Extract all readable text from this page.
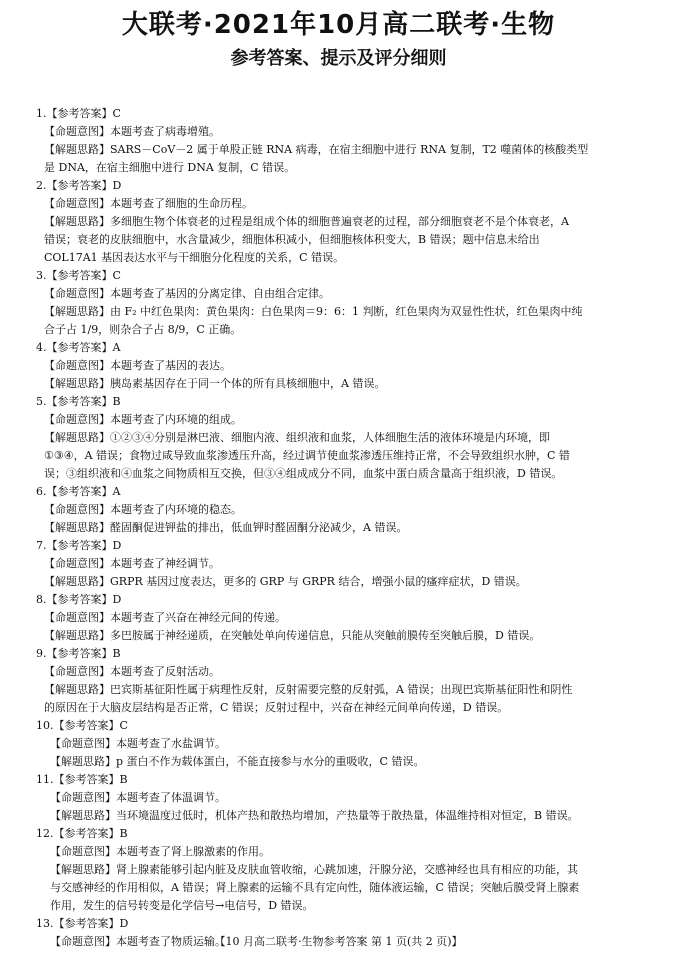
大联考·2021年10月高二联考·生物
参考答案、提示及评分细则
1.【参考答案】C
【命题意图】本题考查了病毒增殖。
【解题思路】SARS－CoV－2 属于单股正链 RNA 病毒，在宿主细胞中进行 RNA 复制，T2 噬菌体的核酸类型
是 DNA，在宿主细胞中进行 DNA 复制，C 错误。
2.【参考答案】D
【命题意图】本题考查了细胞的生命历程。
【解题思路】多细胞生物个体衰老的过程是组成个体的细胞普遍衰老的过程，部分细胞衰老不是个体衰老，A
错误；衰老的皮肤细胞中，水含量减少，细胞体积减小，但细胞核体积变大，B 错误；题中信息未给出
COL17A1 基因表达水平与干细胞分化程度的关系，C 错误。
3.【参考答案】C
【命题意图】本题考查了基因的分离定律、自由组合定律。
【解题思路】由 F₂ 中红色果肉：黄色果肉：白色果肉＝9：6：1 判断，红色果肉为双显性性状，红色果肉中纯
合子占 1/9，则杂合子占 8/9，C 正确。
4.【参考答案】A
【命题意图】本题考查了基因的表达。
【解题思路】胰岛素基因存在于同一个体的所有具核细胞中，A 错误。
5.【参考答案】B
【命题意图】本题考查了内环境的组成。
【解题思路】①②③④分别是淋巴液、细胞内液、组织液和血浆，人体细胞生活的液体环境是内环境，即
①③④，A 错误；食物过咸导致血浆渗透压升高，经过调节使血浆渗透压维持正常，不会导致组织水肿，C 错
误；③组织液和④血浆之间物质相互交换，但③④组成成分不同，血浆中蛋白质含量高于组织液，D 错误。
6.【参考答案】A
【命题意图】本题考查了内环境的稳态。
【解题思路】醛固酮促进钾盐的排出，低血钾时醛固酮分泌减少，A 错误。
7.【参考答案】D
【命题意图】本题考查了神经调节。
【解题思路】GRPR 基因过度表达，更多的 GRP 与 GRPR 结合，增强小鼠的瘙痒症状，D 错误。
8.【参考答案】D
【命题意图】本题考查了兴奋在神经元间的传递。
【解题思路】多巴胺属于神经递质，在突触处单向传递信息，只能从突触前膜传至突触后膜，D 错误。
9.【参考答案】B
【命题意图】本题考查了反射活动。
【解题思路】巴宾斯基征阳性属于病理性反射，反射需要完整的反射弧，A 错误；出现巴宾斯基征阳性和阴性
的原因在于大脑皮层结构是否正常，C 错误；反射过程中，兴奋在神经元间单向传递，D 错误。
10.【参考答案】C
【命题意图】本题考查了水盐调节。
【解题思路】p 蛋白不作为载体蛋白，不能直接参与水分的重吸收，C 错误。
11.【参考答案】B
【命题意图】本题考查了体温调节。
【解题思路】当环境温度过低时，机体产热和散热均增加，产热量等于散热量，体温维持相对恒定，B 错误。
12.【参考答案】B
【命题意图】本题考查了肾上腺激素的作用。
【解题思路】肾上腺素能够引起内脏及皮肤血管收缩，心跳加速，汗腺分泌，交感神经也具有相应的功能，其
与交感神经的作用相似，A 错误；肾上腺素的运输不具有定向性，随体液运输，C 错误；突触后膜受肾上腺素
作用，发生的信号转变是化学信号→电信号，D 错误。
13.【参考答案】D
【命题意图】本题考查了物质运输。
【10 月高二联考·生物参考答案 第 1 页(共 2 页)】
